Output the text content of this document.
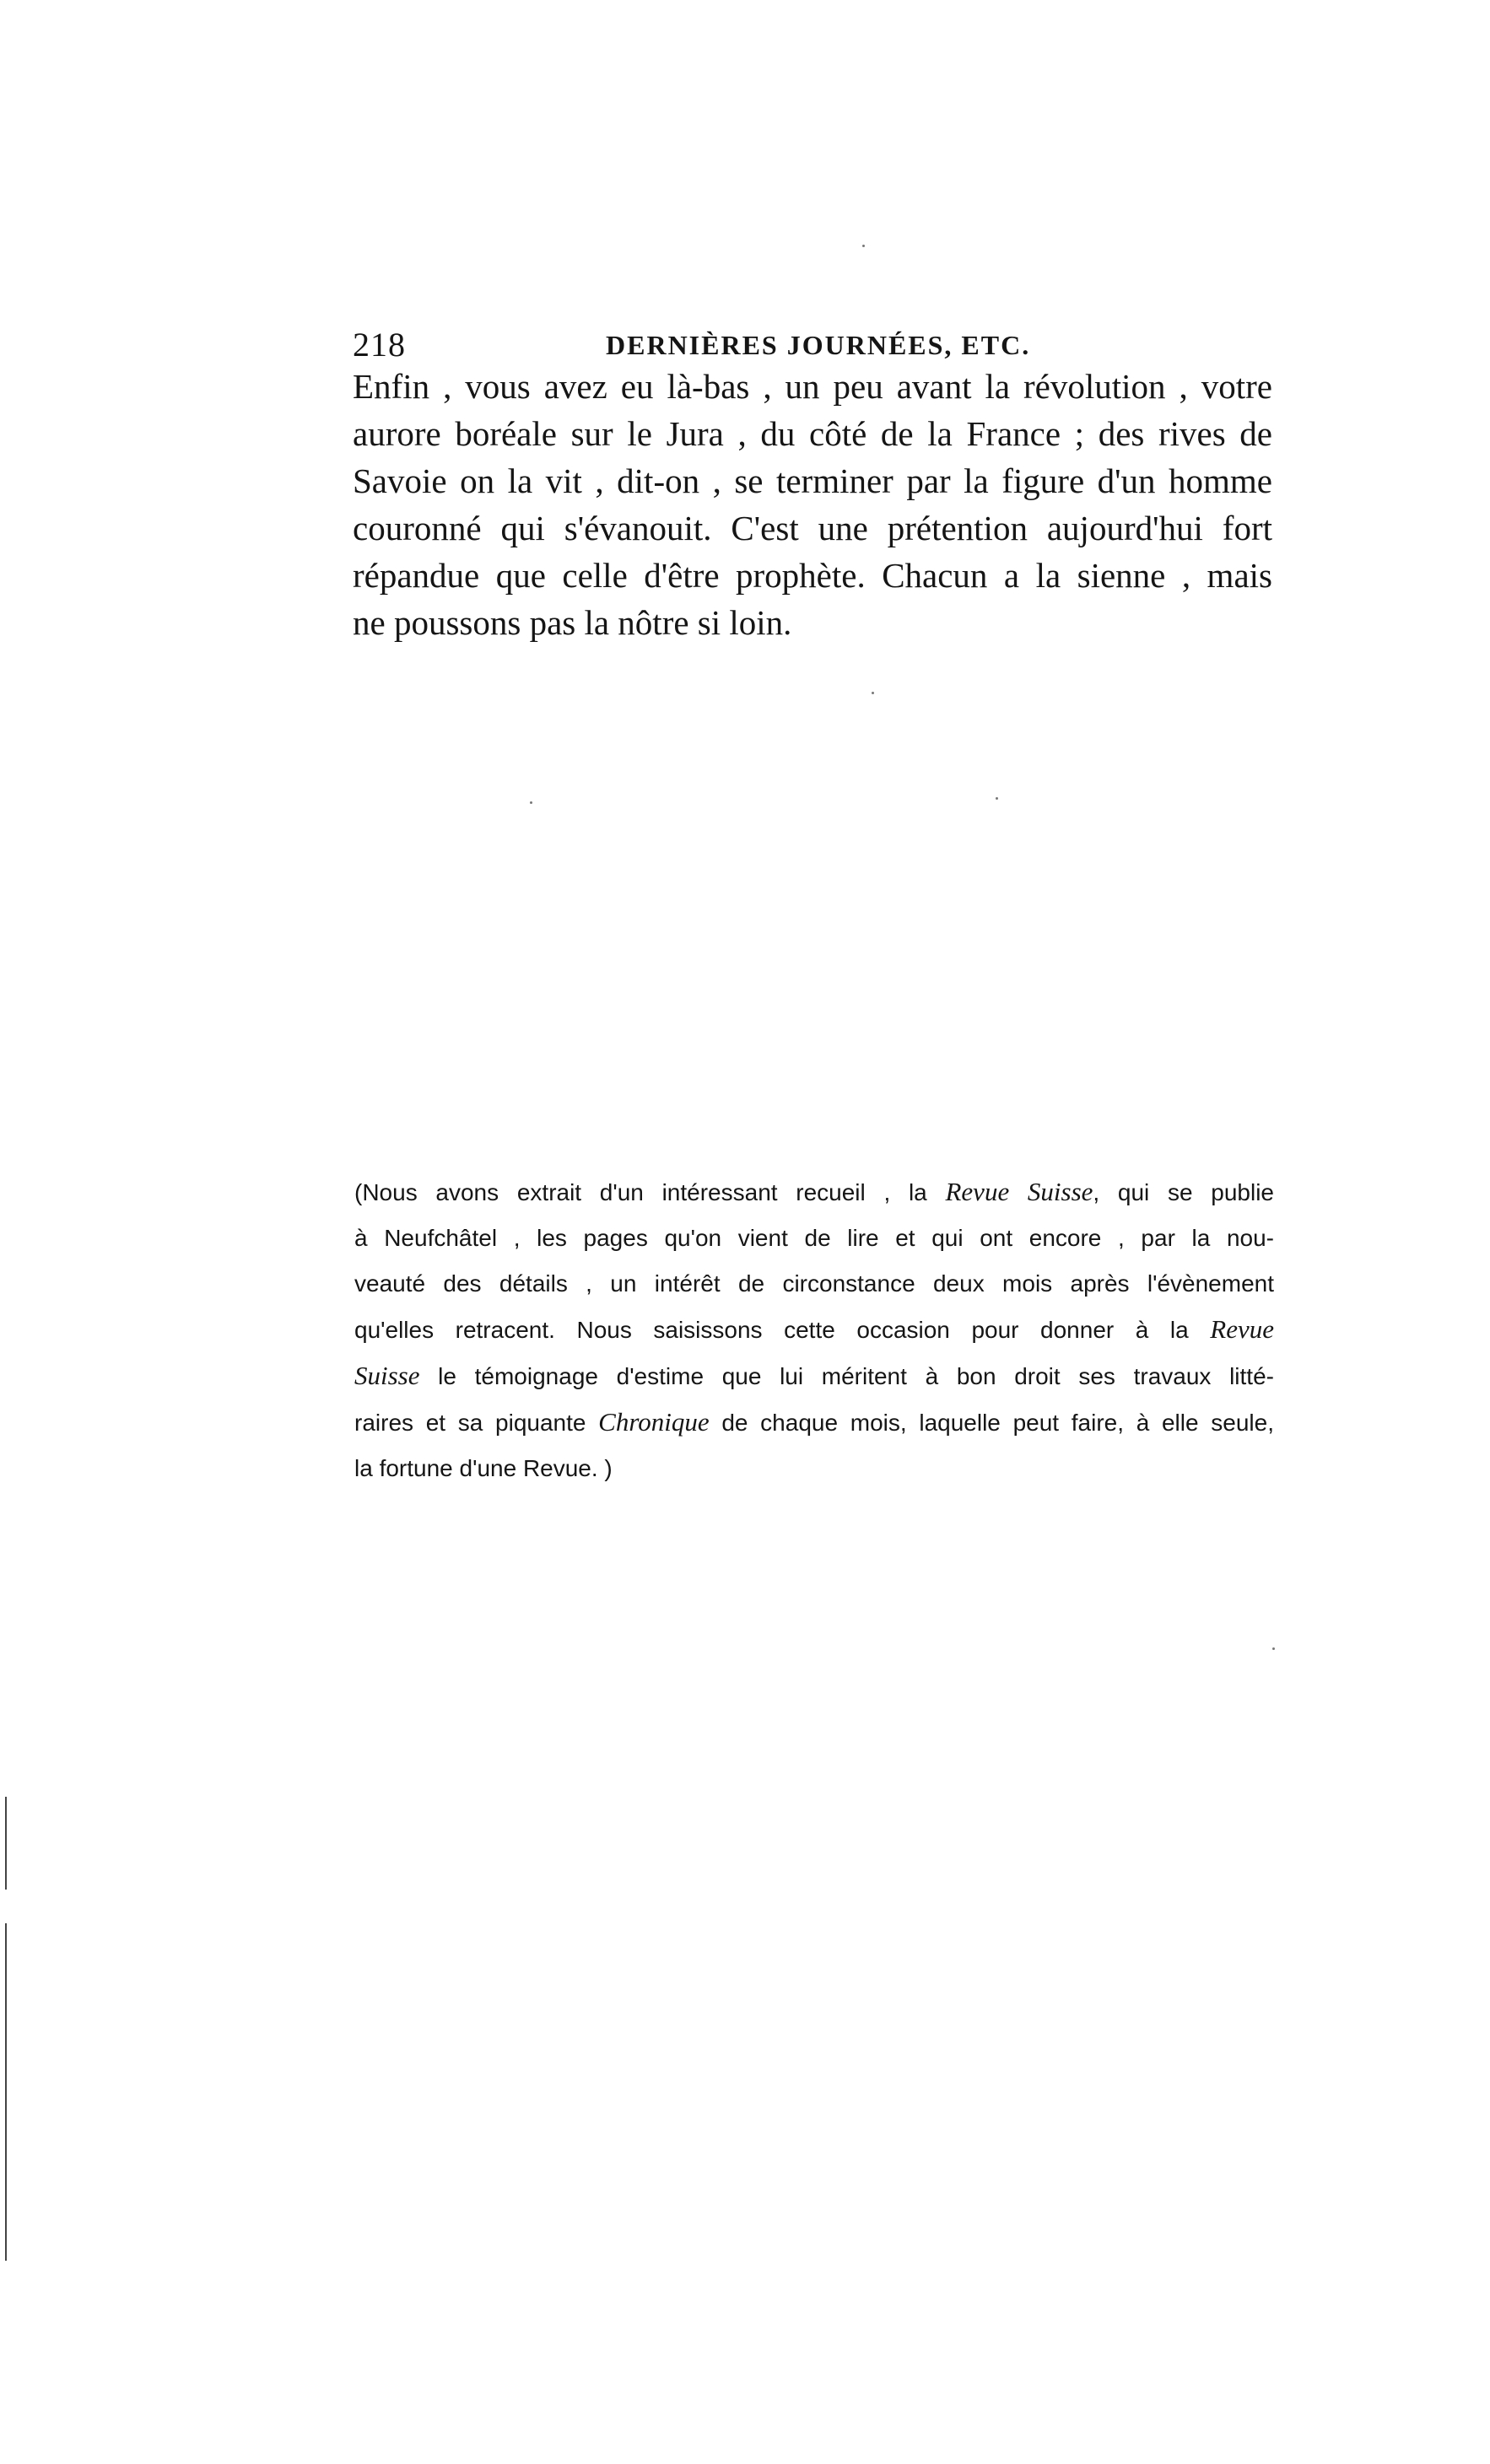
218	DERNIÈRES JOURNÉES, ETC.
Enfin , vous avez eu là-bas , un peu avant la révolution , votre
aurore boréale sur le Jura , du côté de la France ; des rives de
Savoie on la vit , dit-on , se terminer par la figure d'un homme
couronné qui s'évanouit. C'est une prétention aujourd'hui fort
répandue que celle d'être prophète. Chacun a la sienne , mais
ne poussons pas la nôtre si loin.
(Nous avons extrait d'un intéressant recueil , la Revue Suisse, qui se publie
à Neufchâtel , les pages qu'on vient de lire et qui ont encore , par la nou-
veauté des détails , un intérêt de circonstance deux mois après l'évènement
qu'elles retracent. Nous saisissons cette occasion pour donner à la Revue
Suisse le témoignage d'estime que lui méritent à bon droit ses travaux litté-
raires et sa piquante Chronique de chaque mois, laquelle peut faire, à elle seule,
la fortune d'une Revue. )
